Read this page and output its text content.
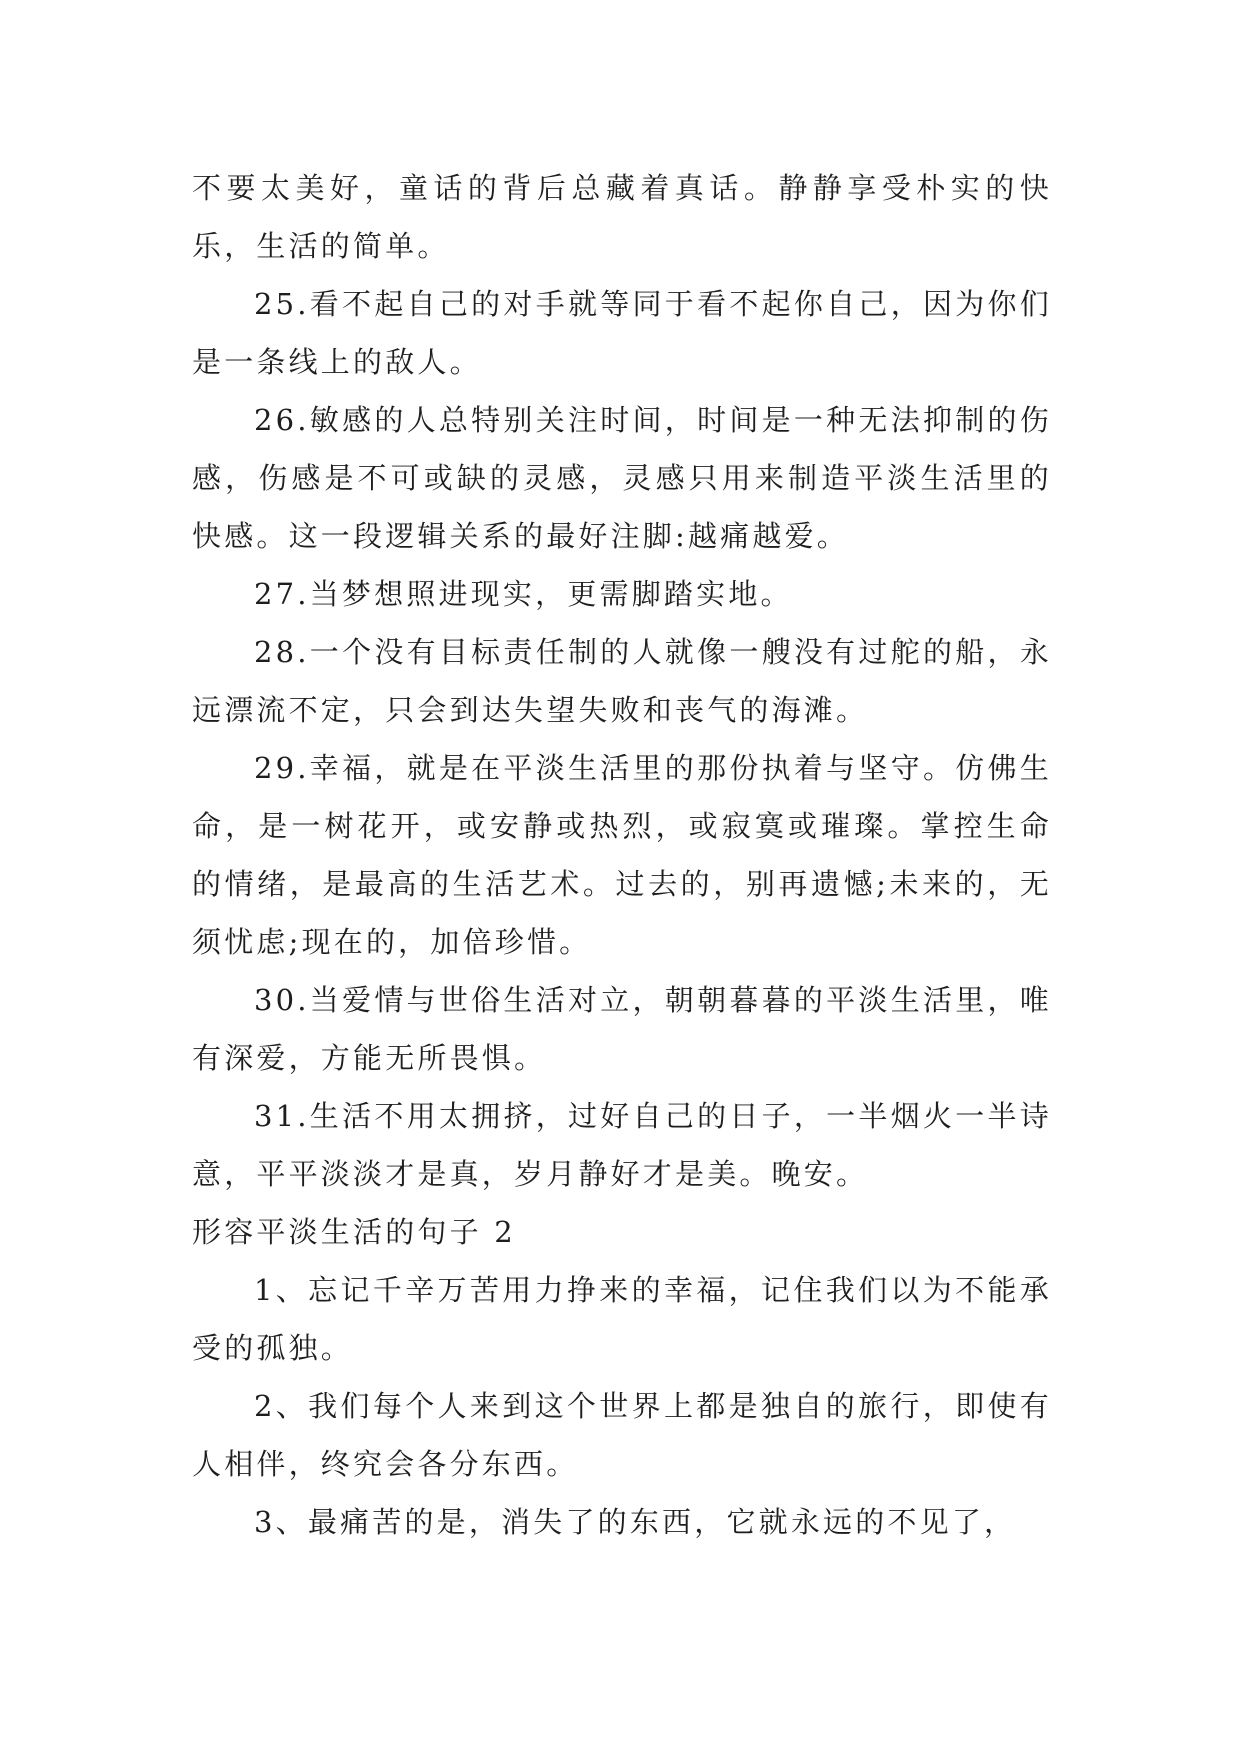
不要太美好，童话的背后总藏着真话。静静享受朴实的快乐，生活的简单。

25.看不起自己的对手就等同于看不起你自己，因为你们是一条线上的敌人。

26.敏感的人总特别关注时间，时间是一种无法抑制的伤感，伤感是不可或缺的灵感，灵感只用来制造平淡生活里的快感。这一段逻辑关系的最好注脚:越痛越爱。

27.当梦想照进现实，更需脚踏实地。

28.一个没有目标责任制的人就像一艘没有过舵的船，永远漂流不定，只会到达失望失败和丧气的海滩。

29.幸福，就是在平淡生活里的那份执着与坚守。仿佛生命，是一树花开，或安静或热烈，或寂寞或璀璨。掌控生命的情绪，是最高的生活艺术。过去的，别再遗憾;未来的，无须忧虑;现在的，加倍珍惜。

30.当爱情与世俗生活对立，朝朝暮暮的平淡生活里，唯有深爱，方能无所畏惧。

31.生活不用太拥挤，过好自己的日子，一半烟火一半诗意，平平淡淡才是真，岁月静好才是美。晚安。

形容平淡生活的句子 2

1、忘记千辛万苦用力挣来的幸福，记住我们以为不能承受的孤独。

2、我们每个人来到这个世界上都是独自的旅行，即使有人相伴，终究会各分东西。

3、最痛苦的是，消失了的东西，它就永远的不见了，
